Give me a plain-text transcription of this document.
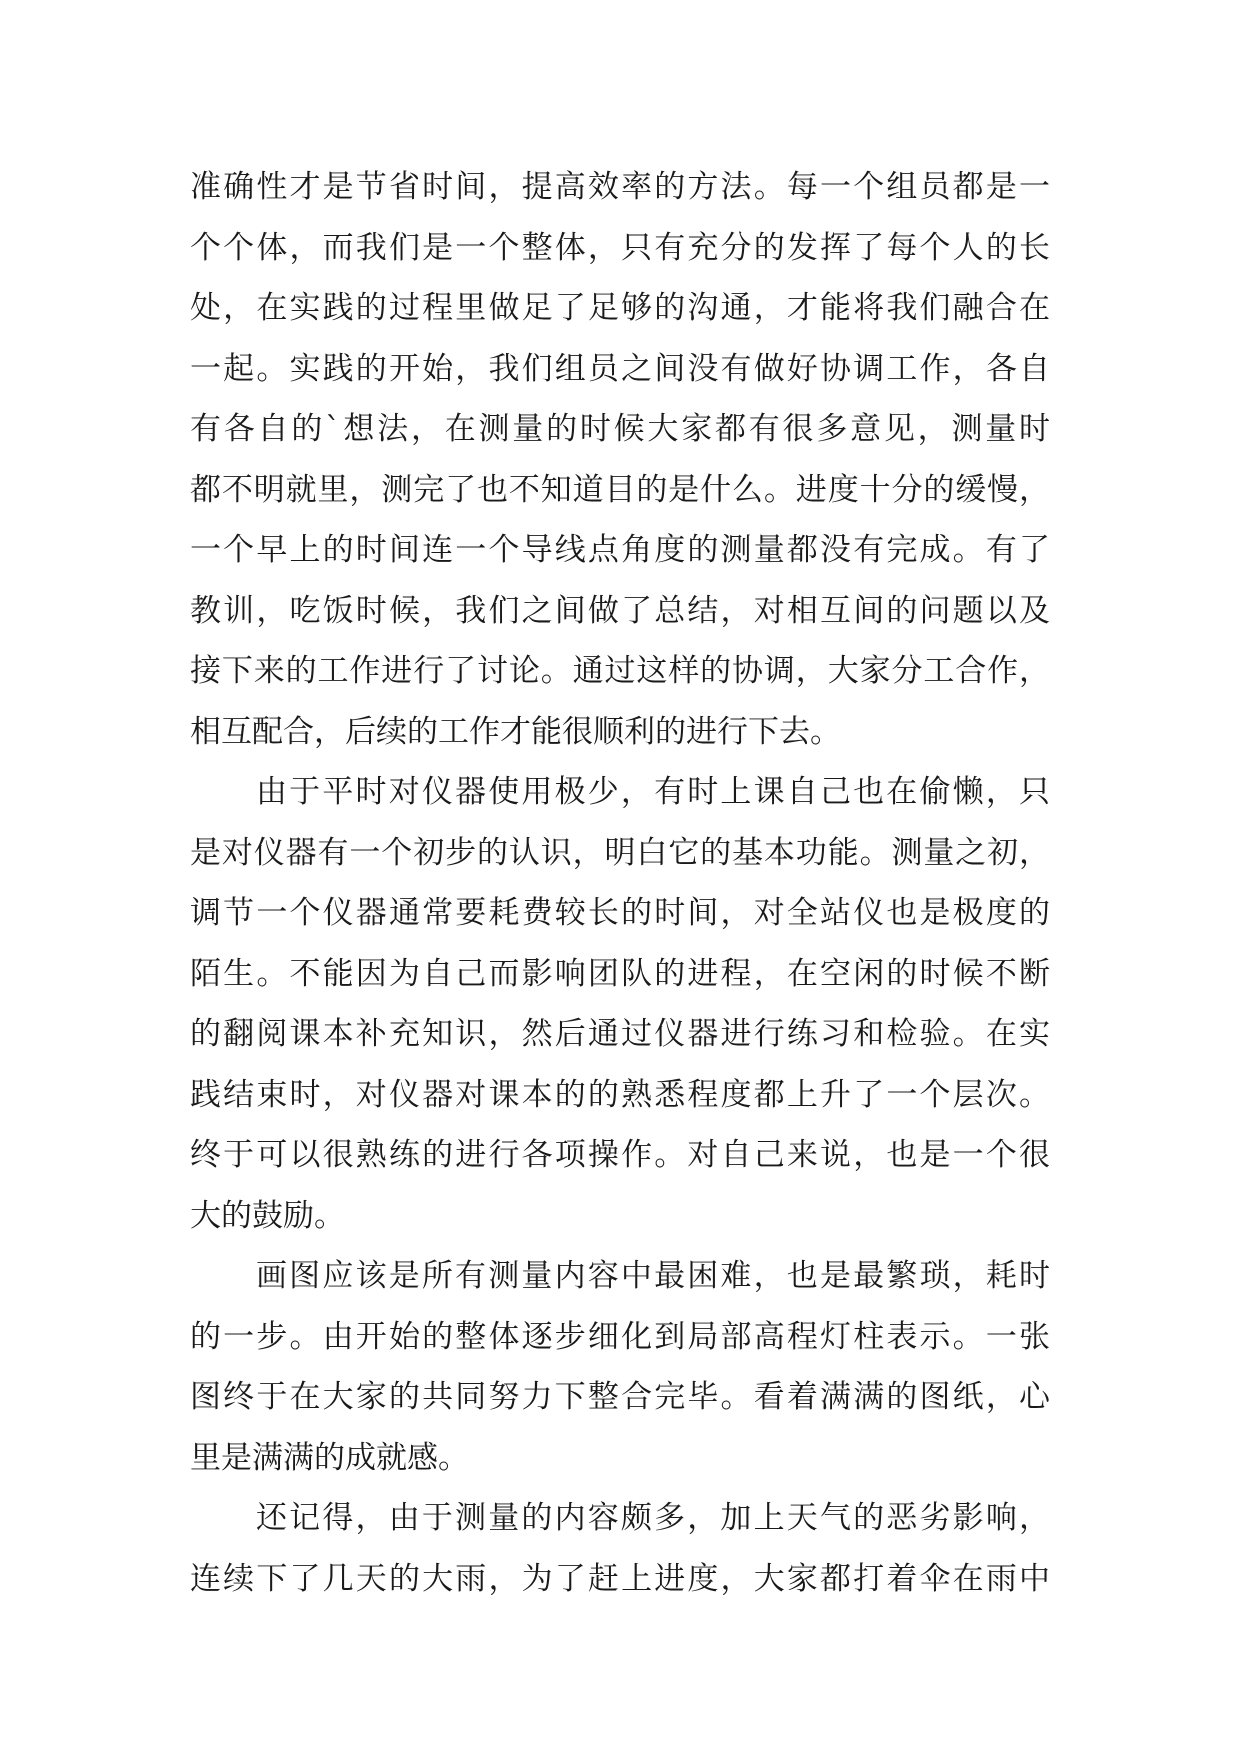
准确性才是节省时间，提高效率的方法。每一个组员都是一
个个体，而我们是一个整体，只有充分的发挥了每个人的长
处，在实践的过程里做足了足够的沟通，才能将我们融合在
一起。实践的开始，我们组员之间没有做好协调工作，各自
有各自的`想法，在测量的时候大家都有很多意见，测量时
都不明就里，测完了也不知道目的是什么。进度十分的缓慢，
一个早上的时间连一个导线点角度的测量都没有完成。有了
教训，吃饭时候，我们之间做了总结，对相互间的问题以及
接下来的工作进行了讨论。通过这样的协调，大家分工合作，
相互配合，后续的工作才能很顺利的进行下去。
由于平时对仪器使用极少，有时上课自己也在偷懒，只
是对仪器有一个初步的认识，明白它的基本功能。测量之初，
调节一个仪器通常要耗费较长的时间，对全站仪也是极度的
陌生。不能因为自己而影响团队的进程，在空闲的时候不断
的翻阅课本补充知识，然后通过仪器进行练习和检验。在实
践结束时，对仪器对课本的的熟悉程度都上升了一个层次。
终于可以很熟练的进行各项操作。对自己来说，也是一个很
大的鼓励。
画图应该是所有测量内容中最困难，也是最繁琐，耗时
的一步。由开始的整体逐步细化到局部高程灯柱表示。一张
图终于在大家的共同努力下整合完毕。看着满满的图纸，心
里是满满的成就感。
还记得，由于测量的内容颇多，加上天气的恶劣影响，
连续下了几天的大雨，为了赶上进度，大家都打着伞在雨中
